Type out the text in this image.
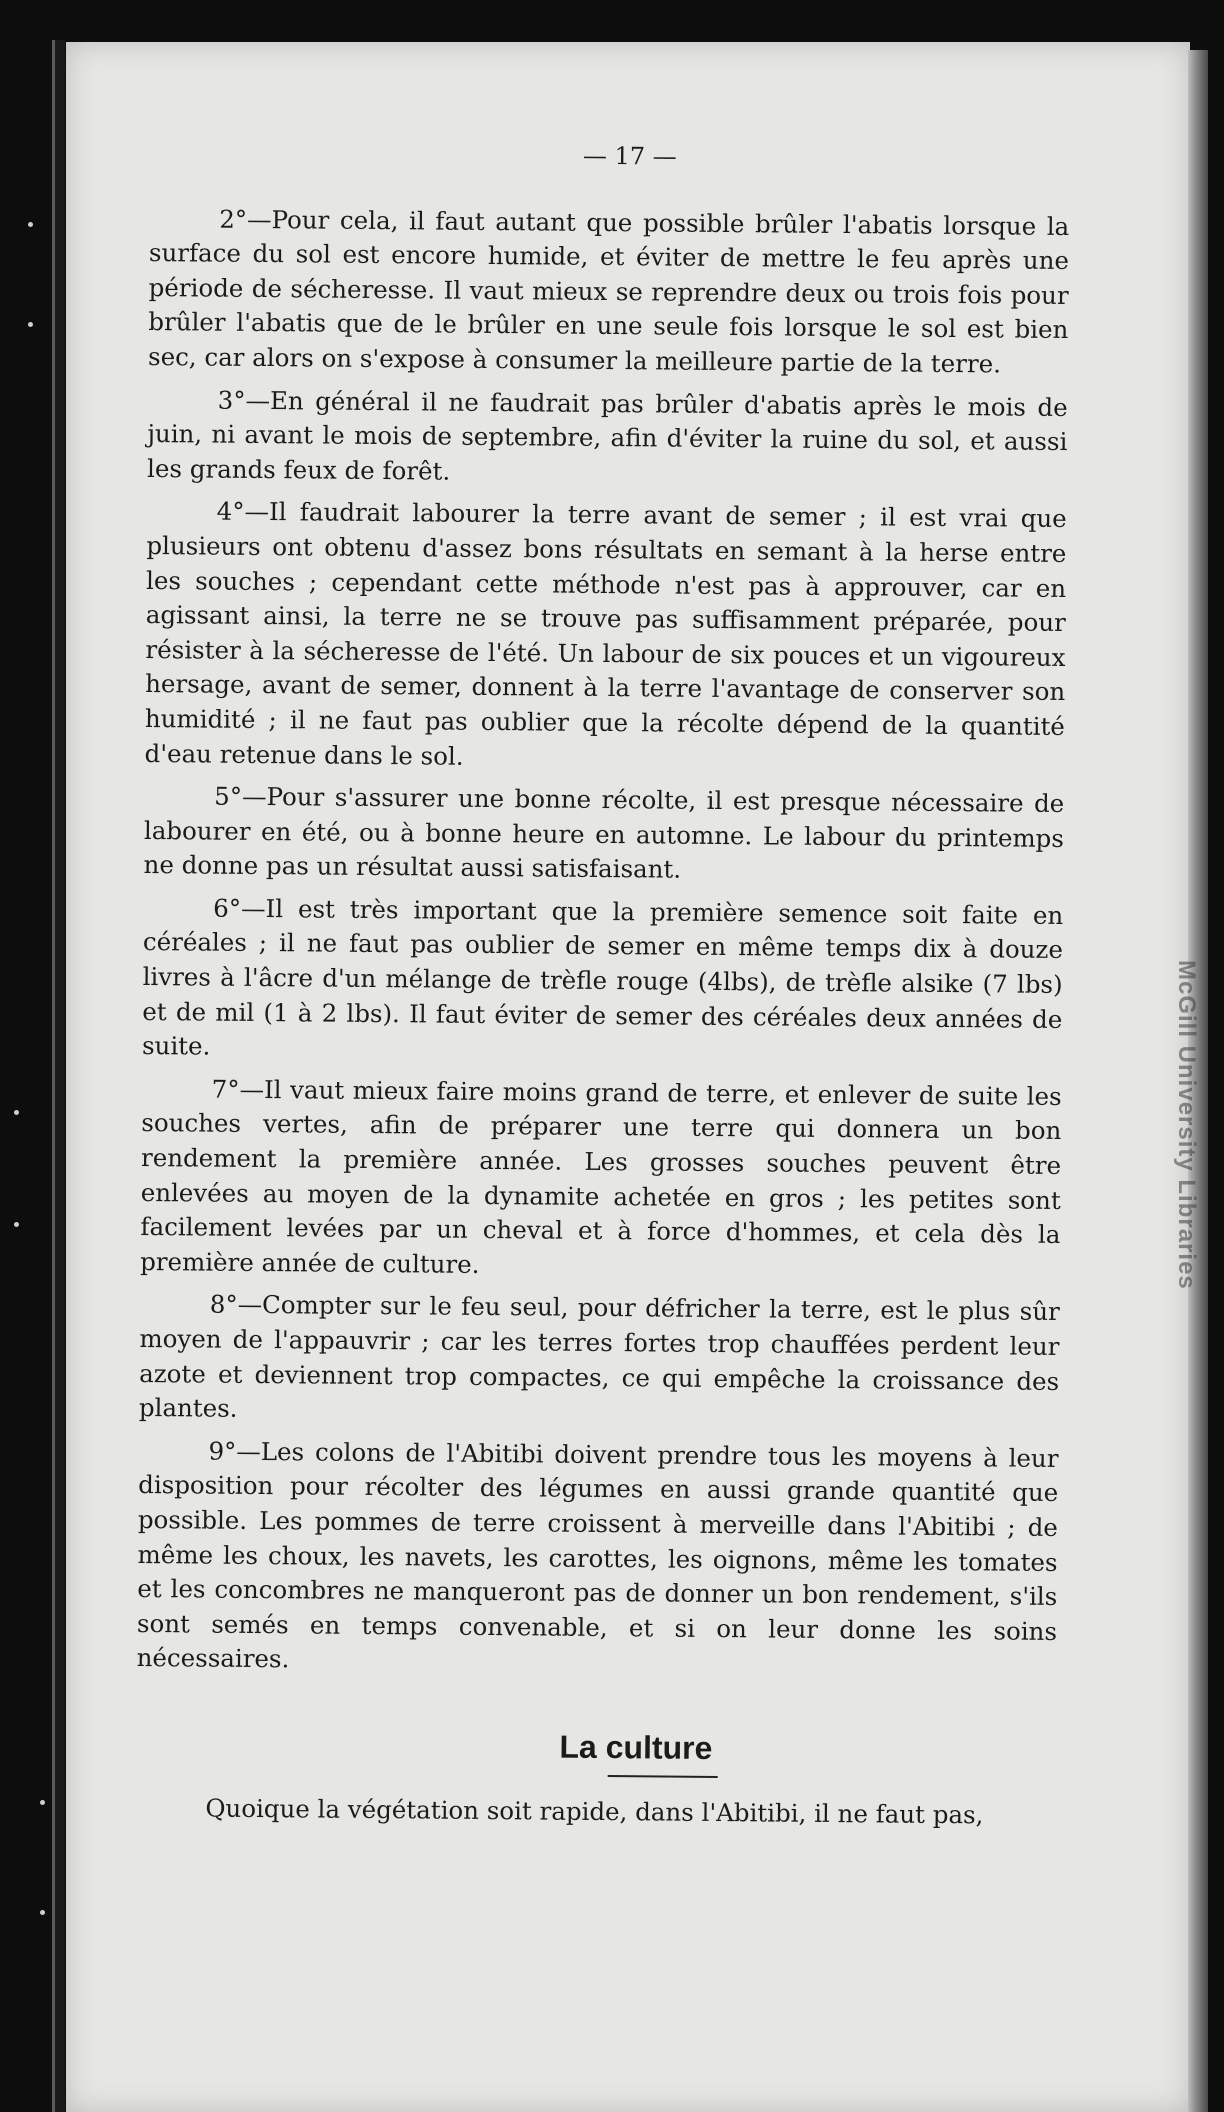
McGill University Libraries
— 17 —

2°—Pour cela, il faut autant que possible brûler l'abatis lorsque la surface du sol est encore humide, et éviter de mettre le feu après une période de sécheresse. Il vaut mieux se reprendre deux ou trois fois pour brûler l'abatis que de le brûler en une seule fois lorsque le sol est bien sec, car alors on s'expose à consumer la meilleure partie de la terre.

3°—En général il ne faudrait pas brûler d'abatis après le mois de juin, ni avant le mois de septembre, afin d'éviter la ruine du sol, et aussi les grands feux de forêt.

4°—Il faudrait labourer la terre avant de semer ; il est vrai que plusieurs ont obtenu d'assez bons résultats en semant à la herse entre les souches ; cependant cette méthode n'est pas à approuver, car en agissant ainsi, la terre ne se trouve pas suffisamment préparée, pour résister à la sécheresse de l'été. Un labour de six pouces et un vigoureux hersage, avant de semer, donnent à la terre l'avantage de conserver son humidité ; il ne faut pas oublier que la récolte dépend de la quantité d'eau retenue dans le sol.

5°—Pour s'assurer une bonne récolte, il est presque nécessaire de labourer en été, ou à bonne heure en automne. Le labour du printemps ne donne pas un résultat aussi satisfaisant.

6°—Il est très important que la première semence soit faite en céréales ; il ne faut pas oublier de semer en même temps dix à douze livres à l'âcre d'un mélange de trèfle rouge (4lbs), de trèfle alsike (7 lbs) et de mil (1 à 2 lbs). Il faut éviter de semer des céréales deux années de suite.

7°—Il vaut mieux faire moins grand de terre, et enlever de suite les souches vertes, afin de préparer une terre qui donnera un bon rendement la première année. Les grosses souches peuvent être enlevées au moyen de la dynamite achetée en gros ; les petites sont facilement levées par un cheval et à force d'hommes, et cela dès la première année de culture.

8°—Compter sur le feu seul, pour défricher la terre, est le plus sûr moyen de l'appauvrir ; car les terres fortes trop chauffées perdent leur azote et deviennent trop compactes, ce qui empêche la croissance des plantes.

9°—Les colons de l'Abitibi doivent prendre tous les moyens à leur disposition pour récolter des légumes en aussi grande quantité que possible. Les pommes de terre croissent à merveille dans l'Abitibi ; de même les choux, les navets, les carottes, les oignons, même les tomates et les concombres ne manqueront pas de donner un bon rendement, s'ils sont semés en temps convenable, et si on leur donne les soins nécessaires.

La culture

Quoique la végétation soit rapide, dans l'Abitibi, il ne faut pas,
